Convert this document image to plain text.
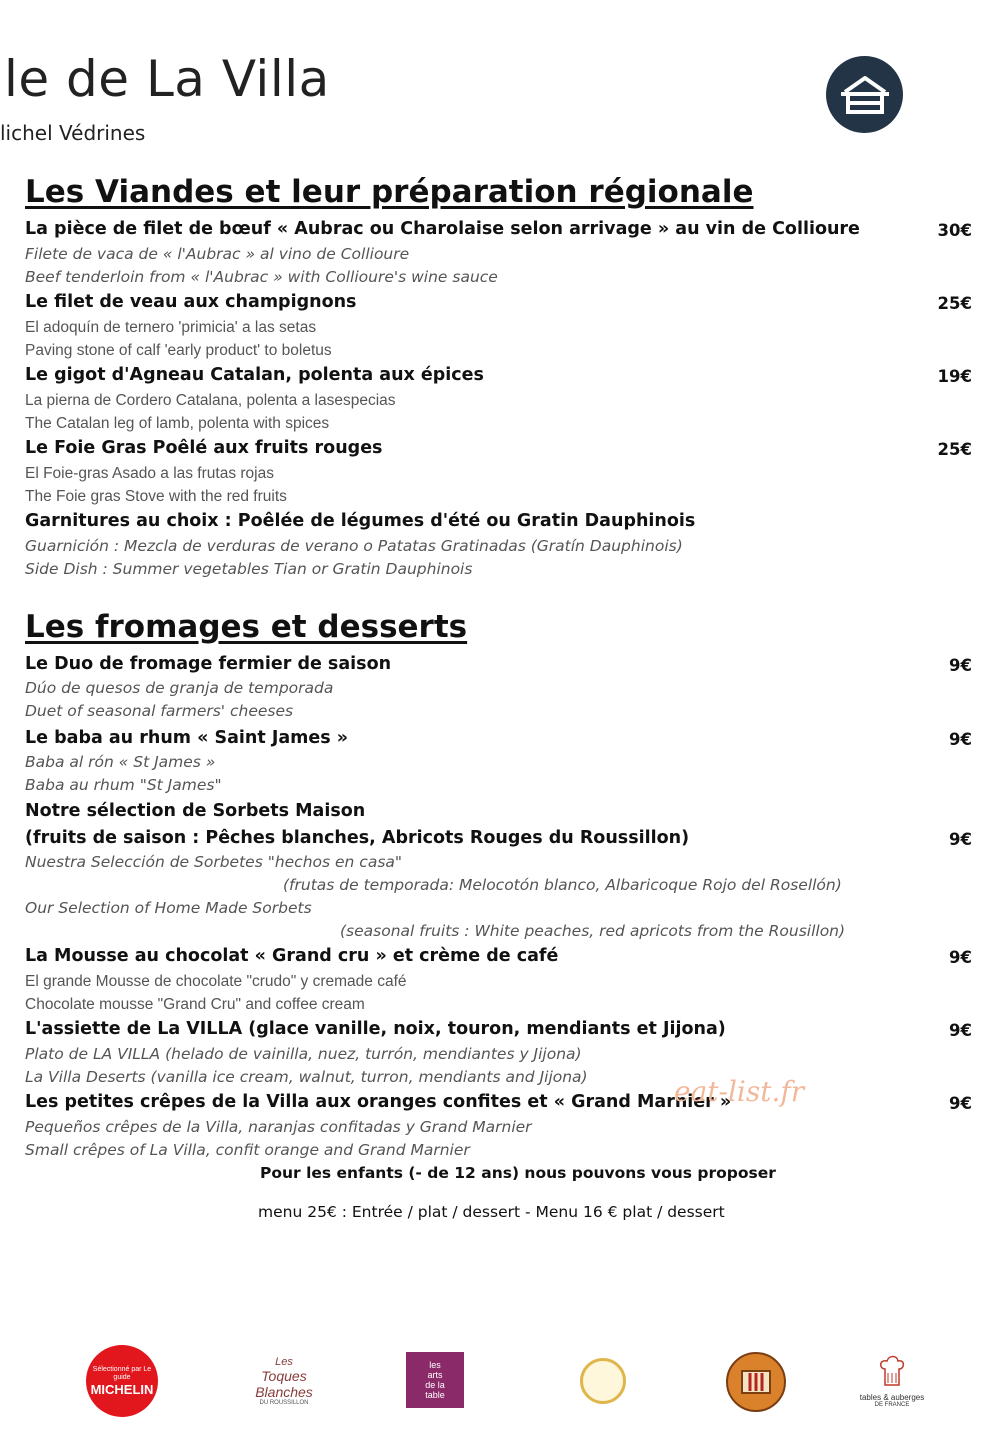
le de La Villa
lichel Védrines
Les Viandes et leur préparation régionale
La pièce de filet de bœuf « Aubrac ou Charolaise selon arrivage » au vin de Collioure	30€
Filete de vaca de « l'Aubrac » al vino de Collioure
Beef tenderloin from « l'Aubrac » with Collioure's wine sauce
Le filet de veau aux champignons	25€
El adoquín de ternero 'primicia' a las setas
Paving stone of calf 'early product' to boletus
Le gigot d'Agneau Catalan, polenta aux épices	19€
La pierna de Cordero Catalana, polenta a lasespecias
The Catalan leg of lamb, polenta with spices
Le Foie Gras Poêlé aux fruits rouges	25€
El Foie-gras Asado a las frutas rojas
The Foie gras Stove with the red fruits
Garnitures au choix : Poêlée de légumes d'été ou Gratin Dauphinois
Guarnición : Mezcla de verduras de verano o Patatas Gratinadas (Gratín Dauphinois)
Side Dish : Summer vegetables Tian or Gratin Dauphinois
Les fromages et desserts
Le Duo de fromage fermier de saison	9€
Dúo de quesos de granja de temporada
Duet of seasonal farmers' cheeses
Le baba au rhum « Saint James »	9€
Baba al rón « St James »
Baba au rhum "St James"
Notre sélection de Sorbets Maison
(fruits de saison : Pêches blanches, Abricots Rouges du Roussillon)	9€
Nuestra Selección de Sorbetes "hechos en casa"
(frutas de temporada: Melocotón blanco, Albaricoque Rojo del Rosellón)
Our Selection of Home Made Sorbets
(seasonal fruits : White peaches, red apricots from the Rousillon)
La Mousse au chocolat « Grand cru » et crème de café	9€
El grande Mousse de chocolate "crudo" y cremade café
Chocolate mousse "Grand Cru" and coffee cream
L'assiette de La VILLA (glace vanille, noix, touron, mendiants et Jijona)	9€
Plato de LA VILLA (helado de vainilla, nuez, turrón, mendiantes y Jijona)
La Villa Deserts (vanilla ice cream, walnut, turron, mendiants and Jijona)
Les petites crêpes de la Villa aux oranges confites et « Grand Marnier »	9€
Pequeños crêpes de la Villa, naranjas confitadas y Grand Marnier
Small crêpes of La Villa, confit orange and Grand Marnier
eat-list.fr
Pour les enfants (- de 12 ans) nous pouvons vous proposer
menu 25€ : Entrée / plat / dessert - Menu 16 € plat / dessert
Sélectionné par Le guide
MICHELIN
Les
Toques Blanches
DU ROUSSILLON
les
arts
de la
table	tables & auberges
DE FRANCE
